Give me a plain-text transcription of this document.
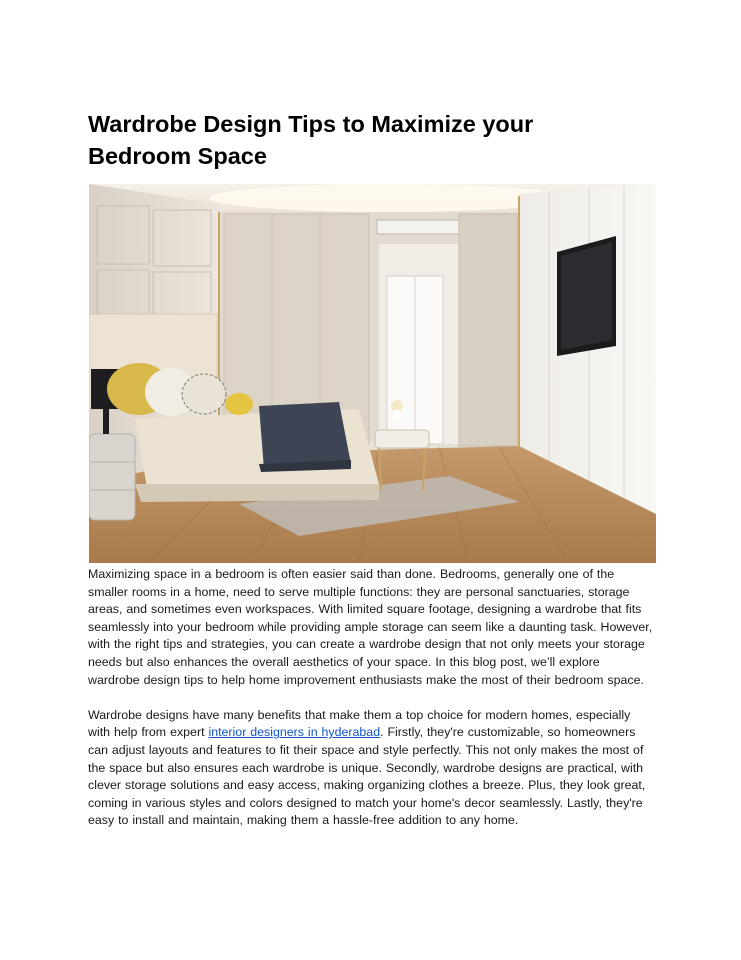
Wardrobe Design Tips to Maximize your Bedroom Space

Maximizing space in a bedroom is often easier said than done. Bedrooms, generally one of the smaller rooms in a home, need to serve multiple functions: they are personal sanctuaries, storage areas, and sometimes even workspaces. With limited square footage, designing a wardrobe that fits seamlessly into your bedroom while providing ample storage can seem like a daunting task. However, with the right tips and strategies, you can create a wardrobe design that not only meets your storage needs but also enhances the overall aesthetics of your space. In this blog post, we’ll explore wardrobe design tips to help home improvement enthusiasts make the most of their bedroom space.

Wardrobe designs have many benefits that make them a top choice for modern homes, especially with help from expert interior designers in hyderabad. Firstly, they're customizable, so homeowners can adjust layouts and features to fit their space and style perfectly. This not only makes the most of the space but also ensures each wardrobe is unique. Secondly, wardrobe designs are practical, with clever storage solutions and easy access, making organizing clothes a breeze. Plus, they look great, coming in various styles and colors designed to match your home's decor seamlessly. Lastly, they're easy to install and maintain, making them a hassle-free addition to any home.
